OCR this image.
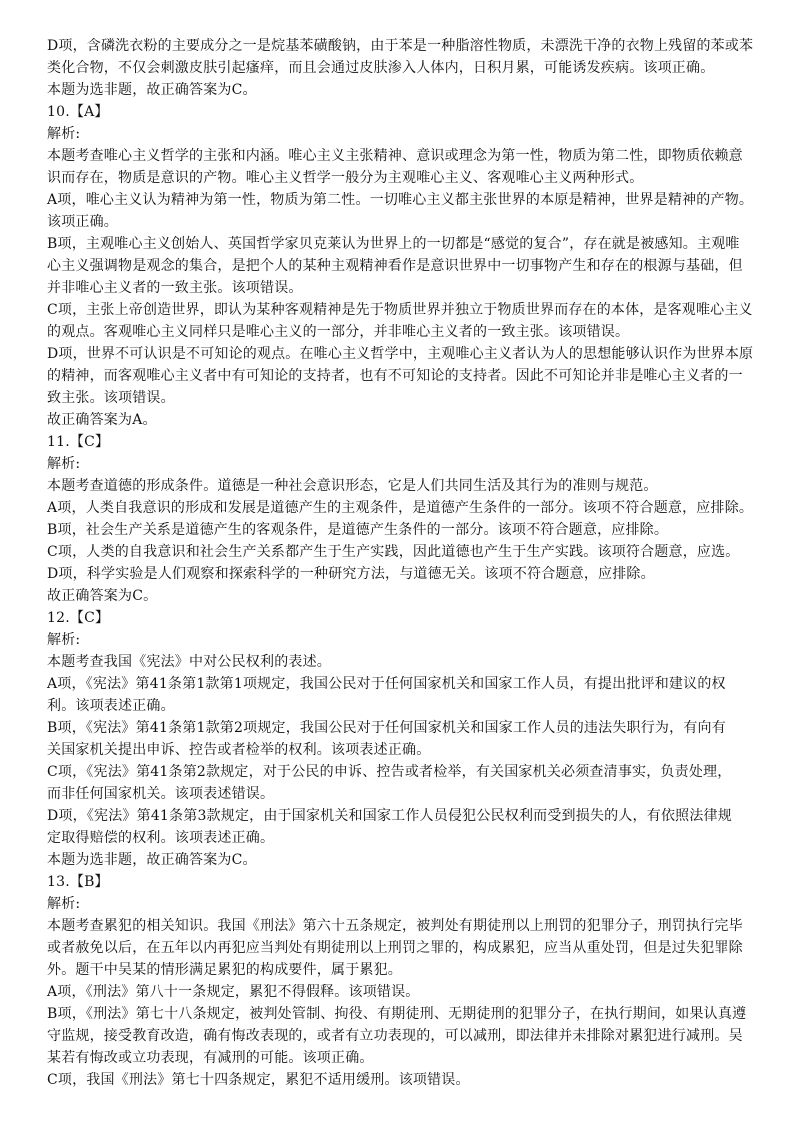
D项，含磷洗衣粉的主要成分之一是烷基苯磺酸钠，由于苯是一种脂溶性物质，未漂洗干净的衣物上残留的苯或苯
类化合物，不仅会刺激皮肤引起瘙痒，而且会通过皮肤渗入人体内，日积月累，可能诱发疾病。该项正确。
本题为选非题，故正确答案为C。
10.【A】
解析:
本题考查唯心主义哲学的主张和内涵。唯心主义主张精神、意识或理念为第一性，物质为第二性，即物质依赖意
识而存在，物质是意识的产物。唯心主义哲学一般分为主观唯心主义、客观唯心主义两种形式。
A项，唯心主义认为精神为第一性，物质为第二性。一切唯心主义都主张世界的本原是精神，世界是精神的产物。
该项正确。
B项，主观唯心主义创始人、英国哲学家贝克莱认为世界上的一切都是“感觉的复合”，存在就是被感知。主观唯
心主义强调物是观念的集合，是把个人的某种主观精神看作是意识世界中一切事物产生和存在的根源与基础，但
并非唯心主义者的一致主张。该项错误。
C项，主张上帝创造世界，即认为某种客观精神是先于物质世界并独立于物质世界而存在的本体，是客观唯心主义
的观点。客观唯心主义同样只是唯心主义的一部分，并非唯心主义者的一致主张。该项错误。
D项，世界不可认识是不可知论的观点。在唯心主义哲学中，主观唯心主义者认为人的思想能够认识作为世界本原
的精神，而客观唯心主义者中有可知论的支持者，也有不可知论的支持者。因此不可知论并非是唯心主义者的一
致主张。该项错误。
故正确答案为A。
11.【C】
解析:
本题考查道德的形成条件。道德是一种社会意识形态，它是人们共同生活及其行为的准则与规范。
A项，人类自我意识的形成和发展是道德产生的主观条件，是道德产生条件的一部分。该项不符合题意，应排除。
B项，社会生产关系是道德产生的客观条件，是道德产生条件的一部分。该项不符合题意，应排除。
C项，人类的自我意识和社会生产关系都产生于生产实践，因此道德也产生于生产实践。该项符合题意，应选。
D项，科学实验是人们观察和探索科学的一种研究方法，与道德无关。该项不符合题意，应排除。
故正确答案为C。
12.【C】
解析:
本题考查我国《宪法》中对公民权利的表述。
A项，《宪法》第41条第1款第1项规定，我国公民对于任何国家机关和国家工作人员，有提出批评和建议的权
利。该项表述正确。
B项，《宪法》第41条第1款第2项规定，我国公民对于任何国家机关和国家工作人员的违法失职行为，有向有
关国家机关提出申诉、控告或者检举的权利。该项表述正确。
C项，《宪法》第41条第2款规定，对于公民的申诉、控告或者检举，有关国家机关必须查清事实，负责处理，
而非任何国家机关。该项表述错误。
D项，《宪法》第41条第3款规定，由于国家机关和国家工作人员侵犯公民权利而受到损失的人，有依照法律规
定取得赔偿的权利。该项表述正确。
本题为选非题，故正确答案为C。
13.【B】
解析:
本题考查累犯的相关知识。我国《刑法》第六十五条规定，被判处有期徒刑以上刑罚的犯罪分子，刑罚执行完毕
或者赦免以后，在五年以内再犯应当判处有期徒刑以上刑罚之罪的，构成累犯，应当从重处罚，但是过失犯罪除
外。题干中吴某的情形满足累犯的构成要件，属于累犯。
A项，《刑法》第八十一条规定，累犯不得假释。该项错误。
B项，《刑法》第七十八条规定，被判处管制、拘役、有期徒刑、无期徒刑的犯罪分子，在执行期间，如果认真遵
守监规，接受教育改造，确有悔改表现的，或者有立功表现的，可以减刑，即法律并未排除对累犯进行减刑。吴
某若有悔改或立功表现，有减刑的可能。该项正确。
C项，我国《刑法》第七十四条规定，累犯不适用缓刑。该项错误。
